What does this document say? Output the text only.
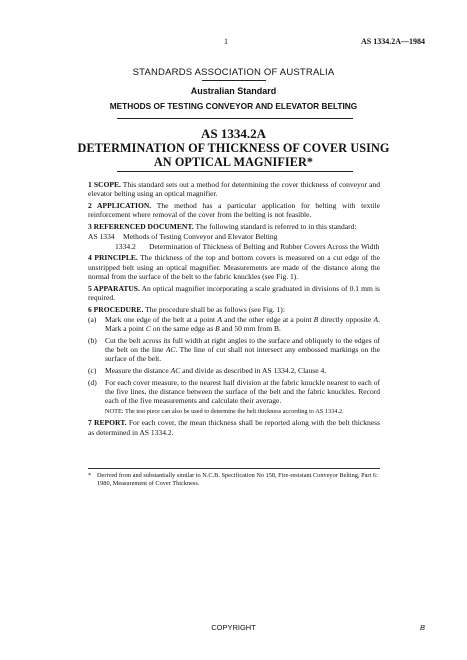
1	AS 1334.2A—1984
STANDARDS ASSOCIATION OF AUSTRALIA
Australian Standard
METHODS OF TESTING CONVEYOR AND ELEVATOR BELTING
AS 1334.2A
DETERMINATION OF THICKNESS OF COVER USING
AN OPTICAL MAGNIFIER*

1 SCOPE. This standard sets out a method for determining the cover thickness of conveyor and elevator belting using an optical magnifier.

2 APPLICATION. The method has a particular application for belting with textile reinforcement where removal of the cover from the belting is not feasible.

3 REFERENCED DOCUMENT. The following standard is referred to in this standard:

AS 1334	Methods of Testing Conveyor and Elevator Belting
1334.2	Determination of Thickness of Belting and Rubber Covers Across the Width

4 PRINCIPLE. The thickness of the top and bottom covers is measured on a cut edge of the unstripped belt using an optical magnifier. Measurements are made of the distance along the normal from the surface of the belt to the fabric knuckles (see Fig. 1).

5 APPARATUS. An optical magnifier incorporating a scale graduated in divisions of 0.1 mm is required.

6 PROCEDURE. The procedure shall be as follows (see Fig. 1):

(a)	Mark one edge of the belt at a point A and the other edge at a point B directly opposite A. Mark a point C on the same edge as B and 50 mm from B.
(b)	Cut the belt across its full width at right angles to the surface and obliquely to the edges of the belt on the line AC. The line of cut shall not intersect any embossed markings on the surface of the belt.
(c)	Measure the distance AC and divide as described in AS 1334.2, Clause 4.
(d)	For each cover measure, to the nearest half division at the fabric knuckle nearest to each of the five lines, the distance between the surface of the belt and the fabric knuckles. Record each of the five measurements and calculate their average.

NOTE: The test piece can also be used to determine the belt thickness according to AS 1334.2.

7 REPORT. For each cover, the mean thickness shall be reported along with the belt thickness as determined in AS 1334.2.

* Derived from and substantially similar to N.C.B. Specification No 158, Fire-resistant Conveyor Belting, Part 6: 1980, Measurement of Cover Thickness.
COPYRIGHT	B
